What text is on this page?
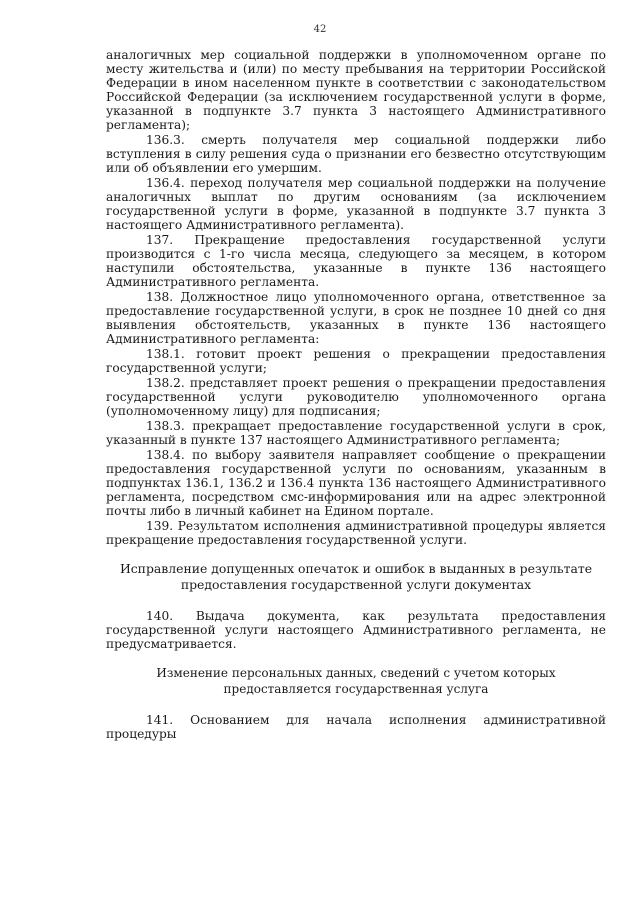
42

аналогичных мер социальной поддержки в уполномоченном органе по месту жительства и (или) по месту пребывания на территории Российской Федерации в ином населенном пункте в соответствии с законодательством Российской Федерации (за исключением государственной услуги в форме, указанной в подпункте 3.7 пункта 3 настоящего Административного регламента);

136.3. смерть получателя мер социальной поддержки либо вступления в силу решения суда о признании его безвестно отсутствующим или об объявлении его умершим.

136.4. переход получателя мер социальной поддержки на получение аналогичных выплат по другим основаниям (за исключением государственной услуги в форме, указанной в подпункте 3.7 пункта 3 настоящего Административного регламента).

137. Прекращение предоставления государственной услуги производится с 1-го числа месяца, следующего за месяцем, в котором наступили обстоятельства, указанные в пункте 136 настоящего Административного регламента.

138. Должностное лицо уполномоченного органа, ответственное за предоставление государственной услуги, в срок не позднее 10 дней со дня выявления обстоятельств, указанных в пункте 136 настоящего Административного регламента:

138.1. готовит проект решения о прекращении предоставления государственной услуги;

138.2. представляет проект решения о прекращении предоставления государственной услуги руководителю уполномоченного органа (уполномоченному лицу) для подписания;

138.3. прекращает предоставление государственной услуги в срок, указанный в пункте 137 настоящего Административного регламента;

138.4. по выбору заявителя направляет сообщение о прекращении предоставления государственной услуги по основаниям, указанным в подпунктах 136.1, 136.2 и 136.4 пункта 136 настоящего Административного регламента, посредством смс-информирования или на адрес электронной почты либо в личный кабинет на Едином портале.

139. Результатом исполнения административной процедуры является прекращение предоставления государственной услуги.

Исправление допущенных опечаток и ошибок в выданных в результате предоставления государственной услуги документах

140. Выдача документа, как результата предоставления государственной услуги настоящего Административного регламента, не предусматривается.

Изменение персональных данных, сведений с учетом которых предоставляется государственная услуга

141. Основанием для начала исполнения административной процедуры
